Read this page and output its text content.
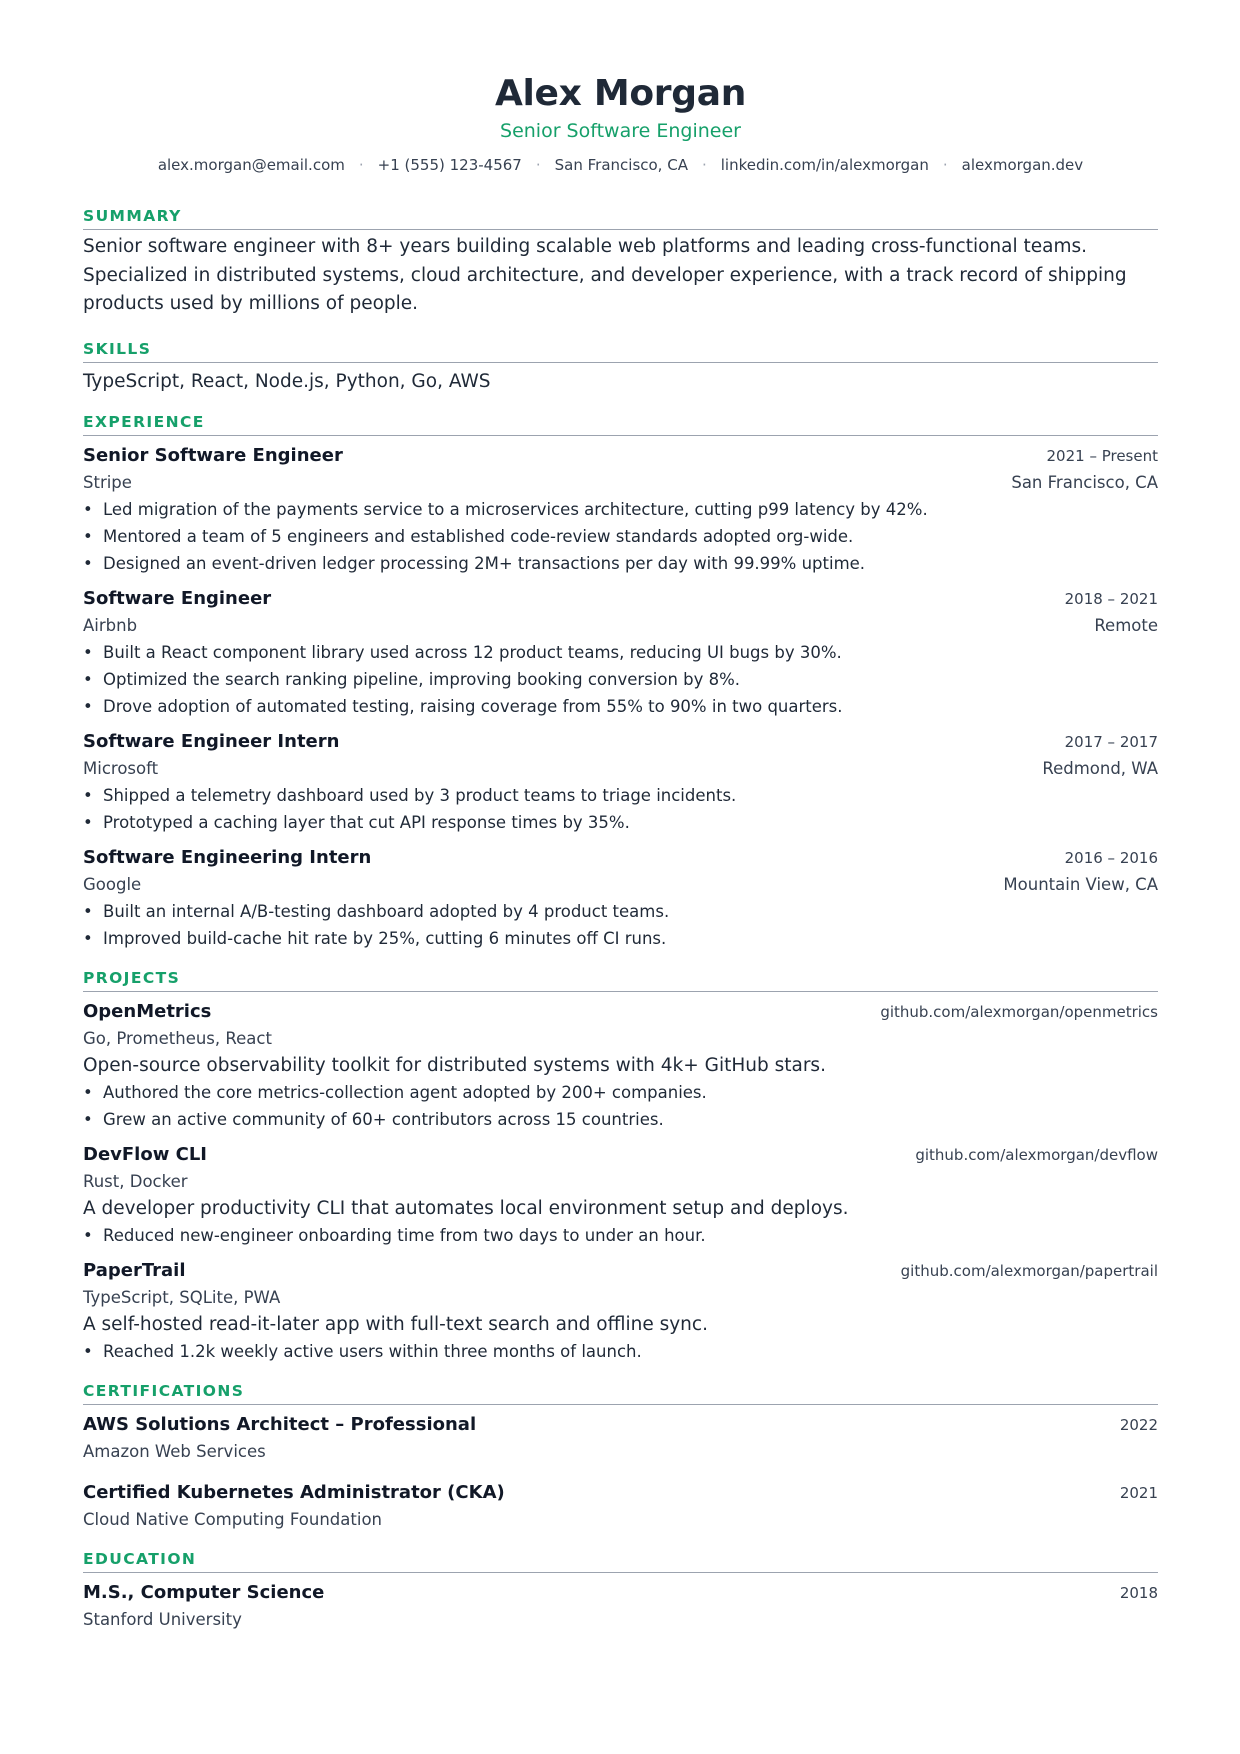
Alex Morgan
Senior Software Engineer
alex.morgan@email.com · +1 (555) 123-4567 · San Francisco, CA · linkedin.com/in/alexmorgan · alexmorgan.dev
SUMMARY
Senior software engineer with 8+ years building scalable web platforms and leading cross-functional teams. Specialized in distributed systems, cloud architecture, and developer experience, with a track record of shipping products used by millions of people.
SKILLS
TypeScript, React, Node.js, Python, Go, AWS
EXPERIENCE
Senior Software Engineer	2021 – Present
Stripe	San Francisco, CA
• Led migration of the payments service to a microservices architecture, cutting p99 latency by 42%.
• Mentored a team of 5 engineers and established code-review standards adopted org-wide.
• Designed an event-driven ledger processing 2M+ transactions per day with 99.99% uptime.
Software Engineer	2018 – 2021
Airbnb	Remote
• Built a React component library used across 12 product teams, reducing UI bugs by 30%.
• Optimized the search ranking pipeline, improving booking conversion by 8%.
• Drove adoption of automated testing, raising coverage from 55% to 90% in two quarters.
Software Engineer Intern	2017 – 2017
Microsoft	Redmond, WA
• Shipped a telemetry dashboard used by 3 product teams to triage incidents.
• Prototyped a caching layer that cut API response times by 35%.
Software Engineering Intern	2016 – 2016
Google	Mountain View, CA
• Built an internal A/B-testing dashboard adopted by 4 product teams.
• Improved build-cache hit rate by 25%, cutting 6 minutes off CI runs.
PROJECTS
OpenMetrics	github.com/alexmorgan/openmetrics
Go, Prometheus, React
Open-source observability toolkit for distributed systems with 4k+ GitHub stars.
• Authored the core metrics-collection agent adopted by 200+ companies.
• Grew an active community of 60+ contributors across 15 countries.
DevFlow CLI	github.com/alexmorgan/devflow
Rust, Docker
A developer productivity CLI that automates local environment setup and deploys.
• Reduced new-engineer onboarding time from two days to under an hour.
PaperTrail	github.com/alexmorgan/papertrail
TypeScript, SQLite, PWA
A self-hosted read-it-later app with full-text search and offline sync.
• Reached 1.2k weekly active users within three months of launch.
CERTIFICATIONS
AWS Solutions Architect – Professional	2022
Amazon Web Services
Certified Kubernetes Administrator (CKA)	2021
Cloud Native Computing Foundation
EDUCATION
M.S., Computer Science	2018
Stanford University
